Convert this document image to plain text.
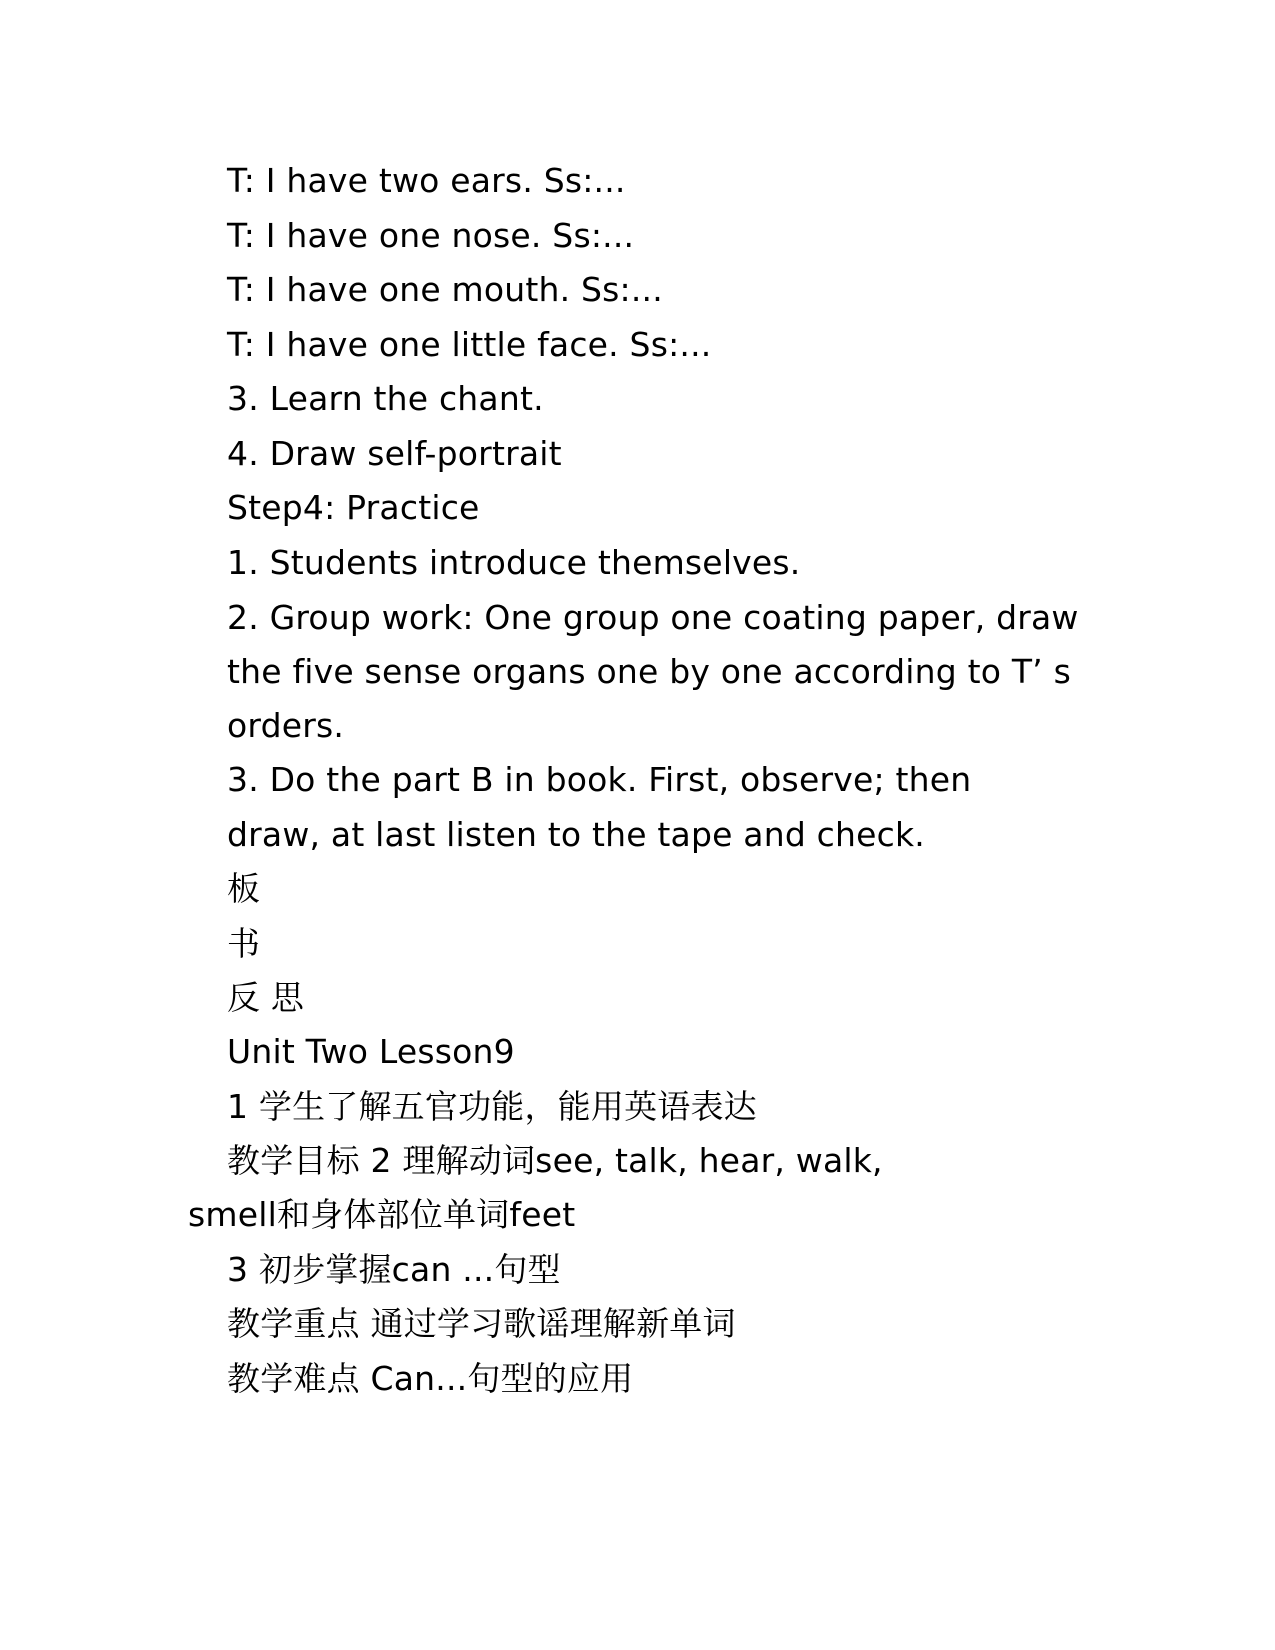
T: I have two ears. Ss:...
T: I have one nose. Ss:...
T: I have one mouth. Ss:...
T: I have one little face. Ss:...
3. Learn the chant.
4. Draw self-portrait
Step4: Practice
1. Students introduce themselves.
2. Group work: One group one coating paper, draw
the five sense organs one by one according to T’ s
orders.
3. Do the part B in book. First, observe; then
draw, at last listen to the tape and check.
板
书
反 思
Unit Two Lesson9
1 学生了解五官功能，能用英语表达
教学目标 2 理解动词see, talk, hear, walk,
smell和身体部位单词feet
3 初步掌握can ...句型
教学重点 通过学习歌谣理解新单词
教学难点 Can...句型的应用
